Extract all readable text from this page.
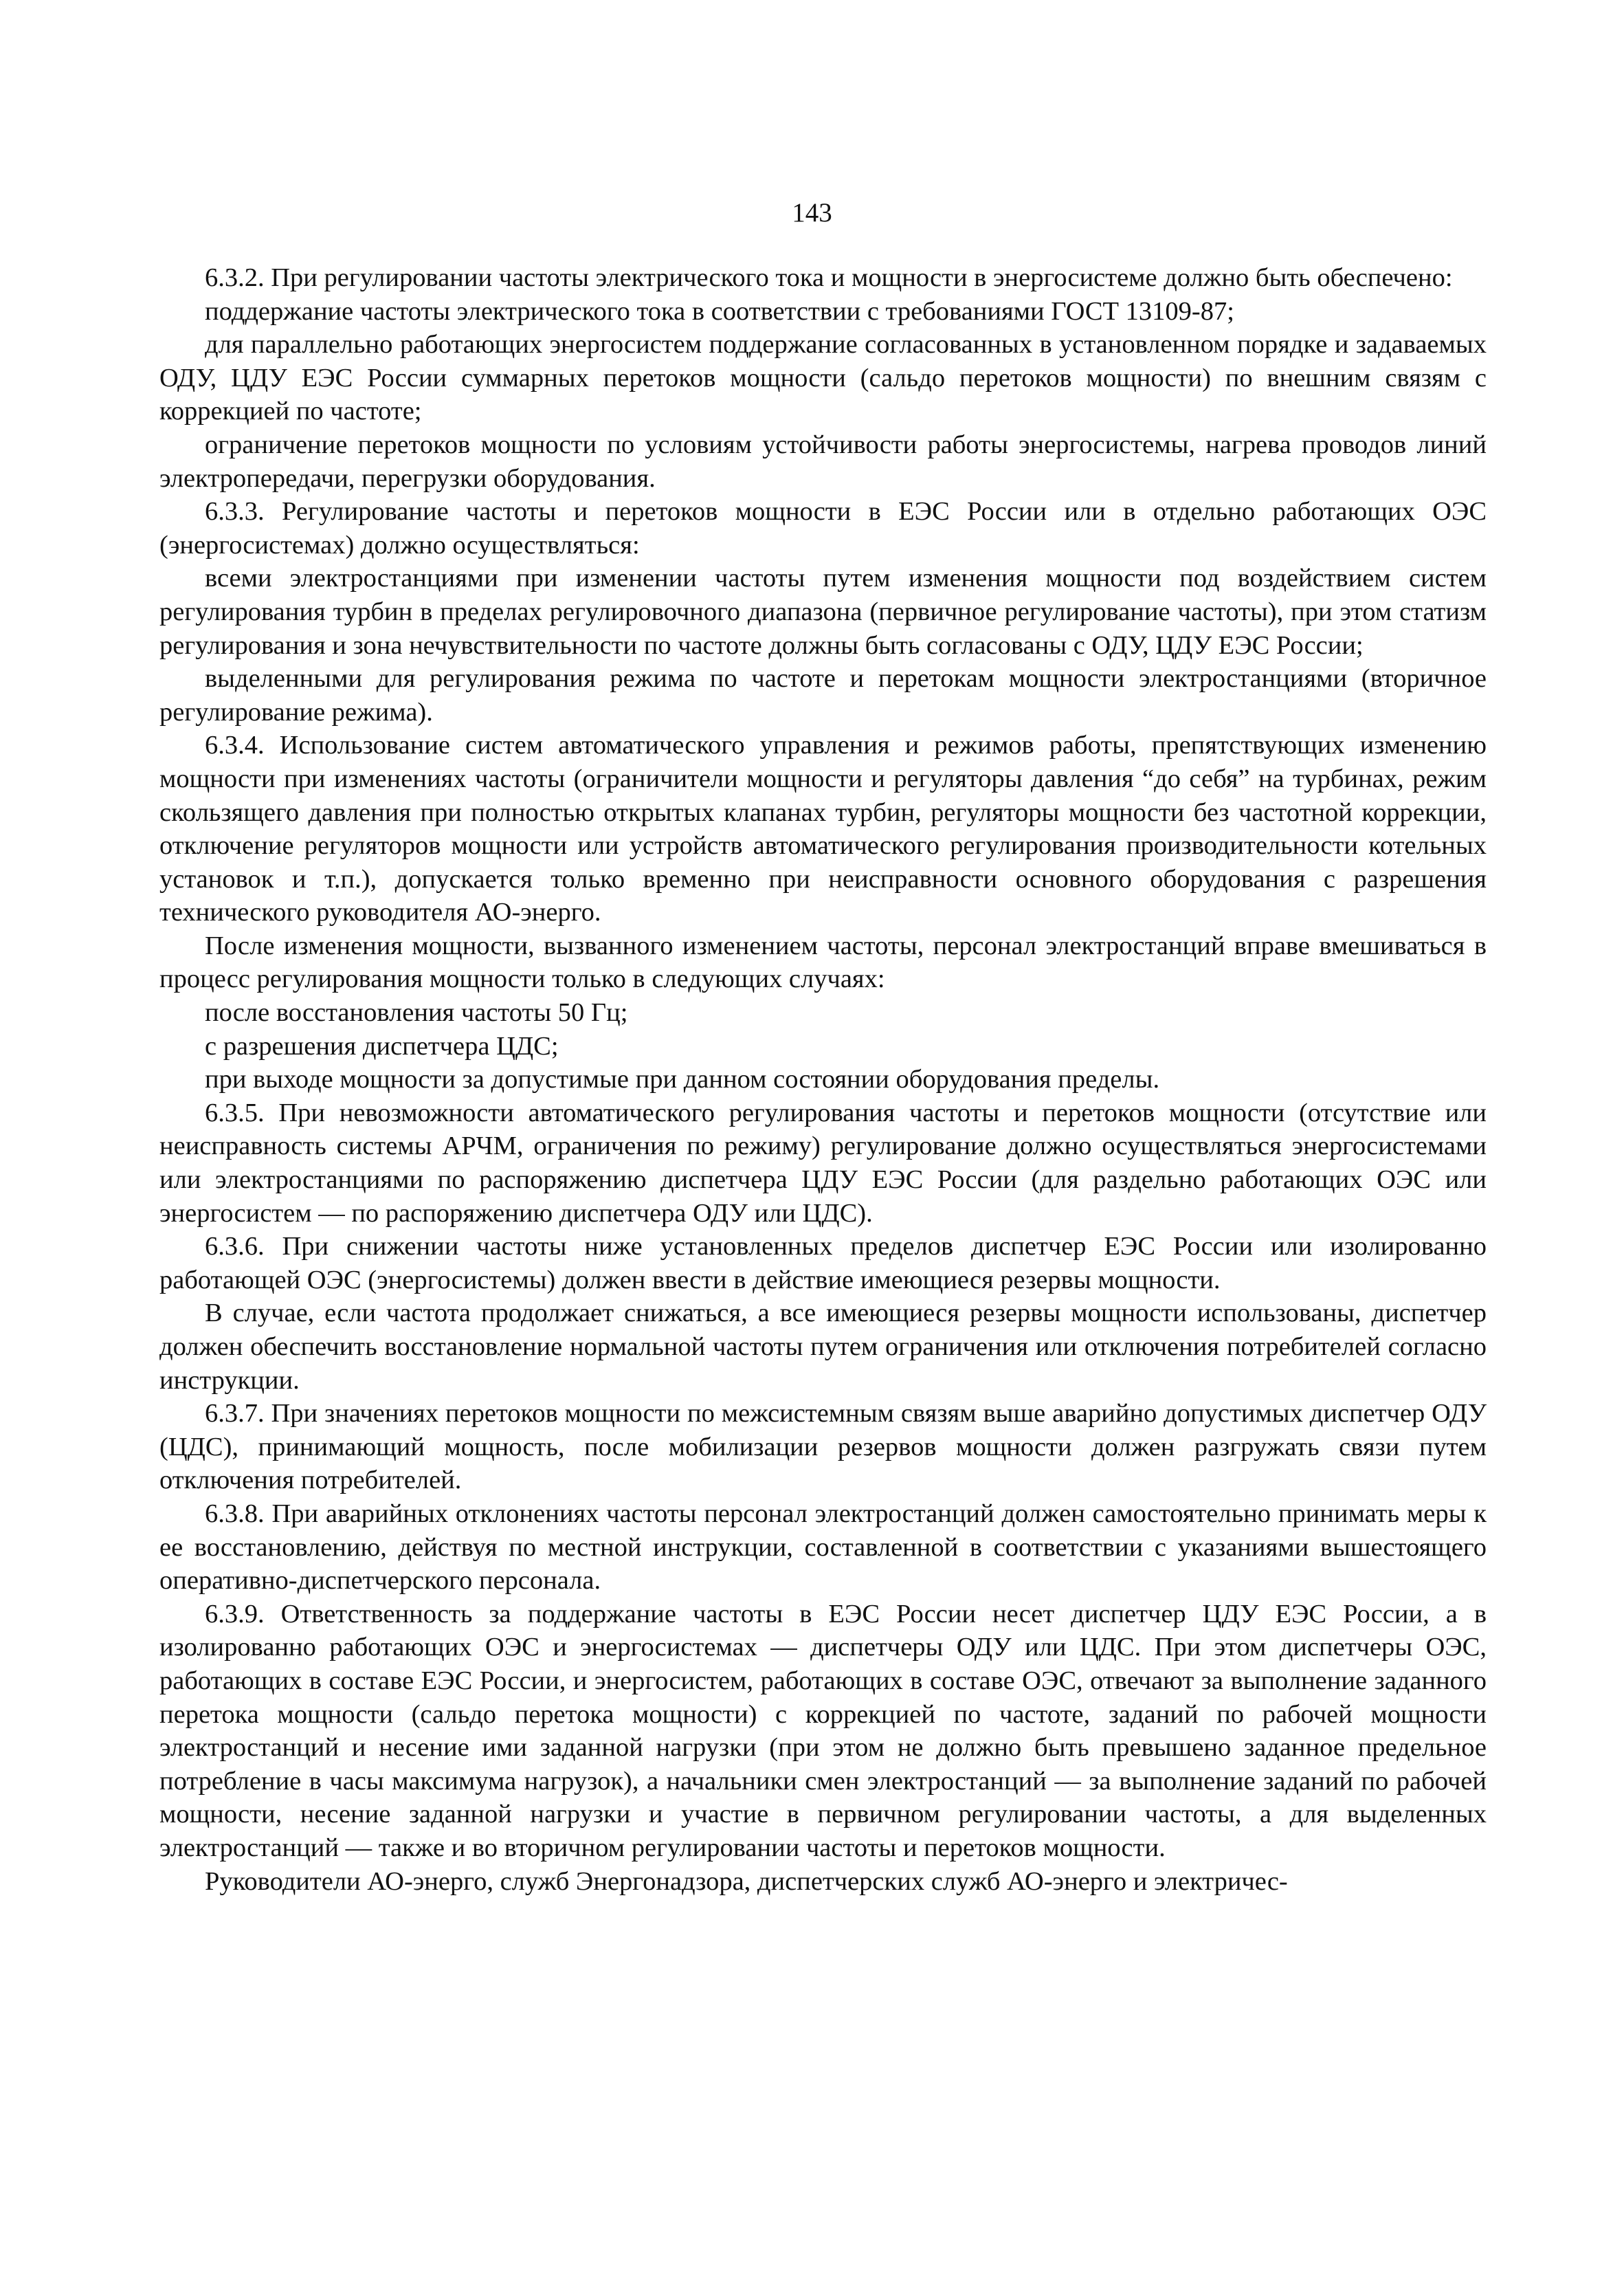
143

6.3.2. При регулировании частоты электрического тока и мощности в энергосистеме должно быть обеспечено:

поддержание частоты электрического тока в соответствии с требованиями ГОСТ 13109-87;

для параллельно работающих энергосистем поддержание согласованных в установленном порядке и задаваемых ОДУ, ЦДУ ЕЭС России суммарных перетоков мощности (сальдо перетоков мощности) по внешним связям с коррекцией по частоте;

ограничение перетоков мощности по условиям устойчивости работы энергосистемы, нагрева проводов линий электропередачи, перегрузки оборудования.

6.3.3. Регулирование частоты и перетоков мощности в ЕЭС России или в отдельно работающих ОЭС (энергосистемах) должно осуществляться:

всеми электростанциями при изменении частоты путем изменения мощности под воздействием систем регулирования турбин в пределах регулировочного диапазона (первичное регулирование частоты), при этом статизм регулирования и зона нечувствительности по частоте должны быть согласованы с ОДУ, ЦДУ ЕЭС России;

выделенными для регулирования режима по частоте и перетокам мощности электростанциями (вторичное регулирование режима).

6.3.4. Использование систем автоматического управления и режимов работы, препятствующих изменению мощности при изменениях частоты (ограничители мощности и регуляторы давления “до себя” на турбинах, режим скользящего давления при полностью открытых клапанах турбин, регуляторы мощности без частотной коррекции, отключение регуляторов мощности или устройств автоматического регулирования производительности котельных установок и т.п.), допускается только временно при неисправности основного оборудования с разрешения технического руководителя АО-энерго.

После изменения мощности, вызванного изменением частоты, персонал электростанций вправе вмешиваться в процесс регулирования мощности только в следующих случаях:

после восстановления частоты 50 Гц;

с разрешения диспетчера ЦДС;

при выходе мощности за допустимые при данном состоянии оборудования пределы.

6.3.5. При невозможности автоматического регулирования частоты и перетоков мощности (отсутствие или неисправность системы АРЧМ, ограничения по режиму) регулирование должно осуществляться энергосистемами или электростанциями по распоряжению диспетчера ЦДУ ЕЭС России (для раздельно работающих ОЭС или энергосистем — по распоряжению диспетчера ОДУ или ЦДС).

6.3.6. При снижении частоты ниже установленных пределов диспетчер ЕЭС России или изолированно работающей ОЭС (энергосистемы) должен ввести в действие имеющиеся резервы мощности.

В случае, если частота продолжает снижаться, а все имеющиеся резервы мощности использованы, диспетчер должен обеспечить восстановление нормальной частоты путем ограничения или отключения потребителей согласно инструкции.

6.3.7. При значениях перетоков мощности по межсистемным связям выше аварийно допустимых диспетчер ОДУ (ЦДС), принимающий мощность, после мобилизации резервов мощности должен разгружать связи путем отключения потребителей.

6.3.8. При аварийных отклонениях частоты персонал электростанций должен самостоятельно принимать меры к ее восстановлению, действуя по местной инструкции, составленной в соответствии с указаниями вышестоящего оперативно-диспетчерского персонала.

6.3.9. Ответственность за поддержание частоты в ЕЭС России несет диспетчер ЦДУ ЕЭС России, а в изолированно работающих ОЭС и энергосистемах — диспетчеры ОДУ или ЦДС. При этом диспетчеры ОЭС, работающих в составе ЕЭС России, и энергосистем, работающих в составе ОЭС, отвечают за выполнение заданного перетока мощности (сальдо перетока мощности) с коррекцией по частоте, заданий по рабочей мощности электростанций и несение ими заданной нагрузки (при этом не должно быть превышено заданное предельное потребление в часы максимума нагрузок), а начальники смен электростанций — за выполнение заданий по рабочей мощности, несение заданной нагрузки и участие в первичном регулировании частоты, а для выделенных электростанций — также и во вторичном регулировании частоты и перетоков мощности.

Руководители АО-энерго, служб Энергонадзора, диспетчерских служб АО-энерго и электричес-
